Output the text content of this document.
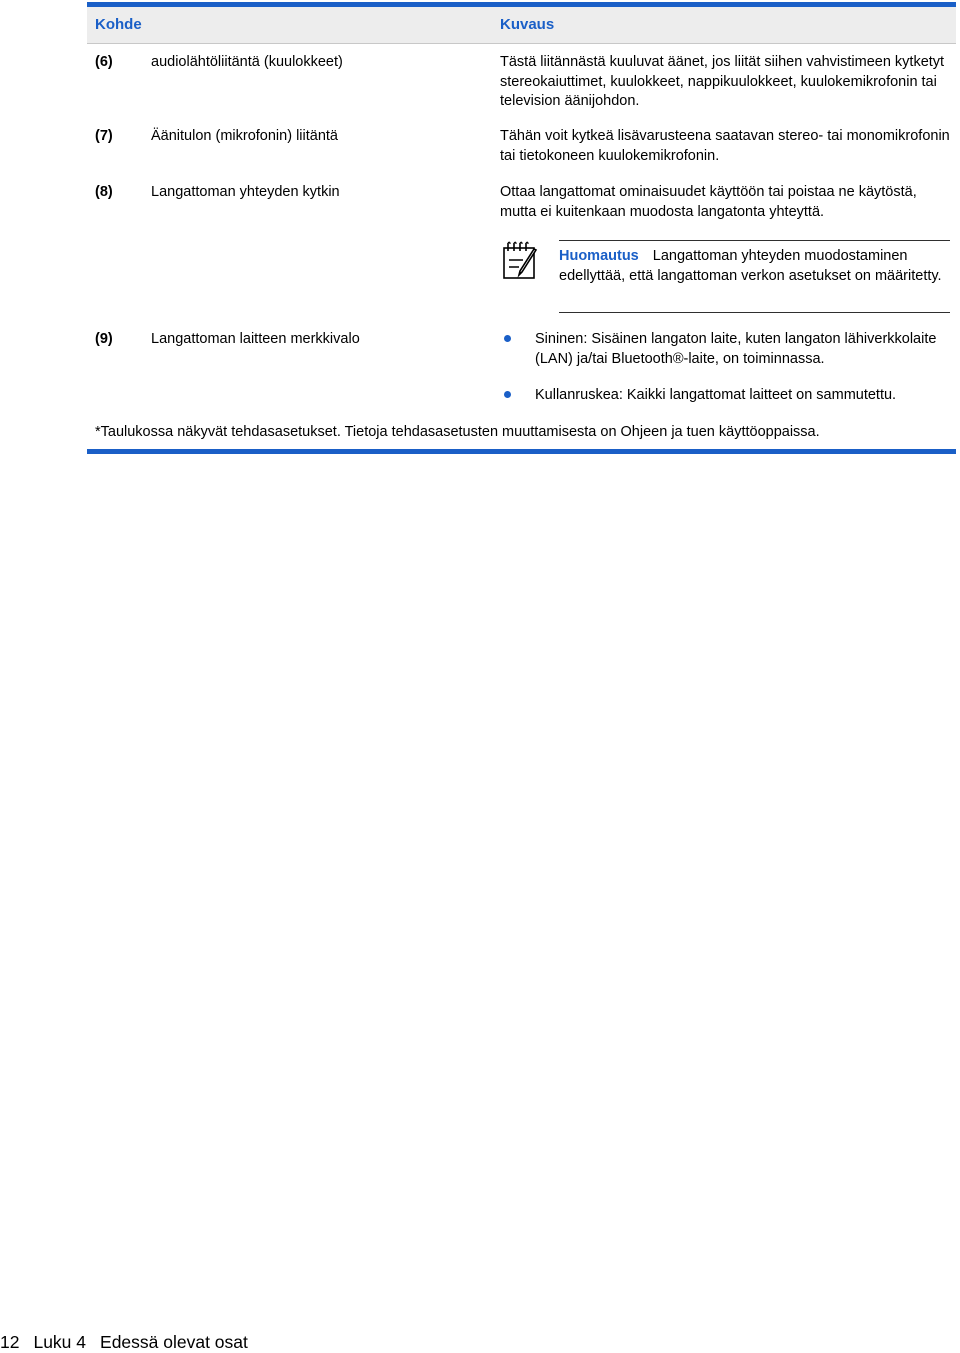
Kohde	Kuvaus
(6)	audiolähtöliitäntä (kuulokkeet)	Tästä liitännästä kuuluvat äänet, jos liität siihen vahvistimeen kytketyt stereokaiuttimet, kuulokkeet, nappikuulokkeet, kuulokemikrofonin tai television äänijohdon.
(7)	Äänitulon (mikrofonin) liitäntä	Tähän voit kytkeä lisävarusteena saatavan stereo- tai monomikrofonin tai tietokoneen kuulokemikrofonin.
(8)	Langattoman yhteyden kytkin	Ottaa langattomat ominaisuudet käyttöön tai poistaa ne käytöstä, mutta ei kuitenkaan muodosta langatonta yhteyttä.
Huomautus Langattoman yhteyden muodostaminen edellyttää, että langattoman verkon asetukset on määritetty.
(9)	Langattoman laitteen merkkivalo	Sininen: Sisäinen langaton laite, kuten langaton lähiverkkolaite (LAN) ja/tai Bluetooth®-laite, on toiminnassa.
Kullanruskea: Kaikki langattomat laitteet on sammutettu.
*Taulukossa näkyvät tehdasasetukset. Tietoja tehdasasetusten muuttamisesta on Ohjeen ja tuen käyttöoppaissa.
12 Luku 4 Edessä olevat osat
